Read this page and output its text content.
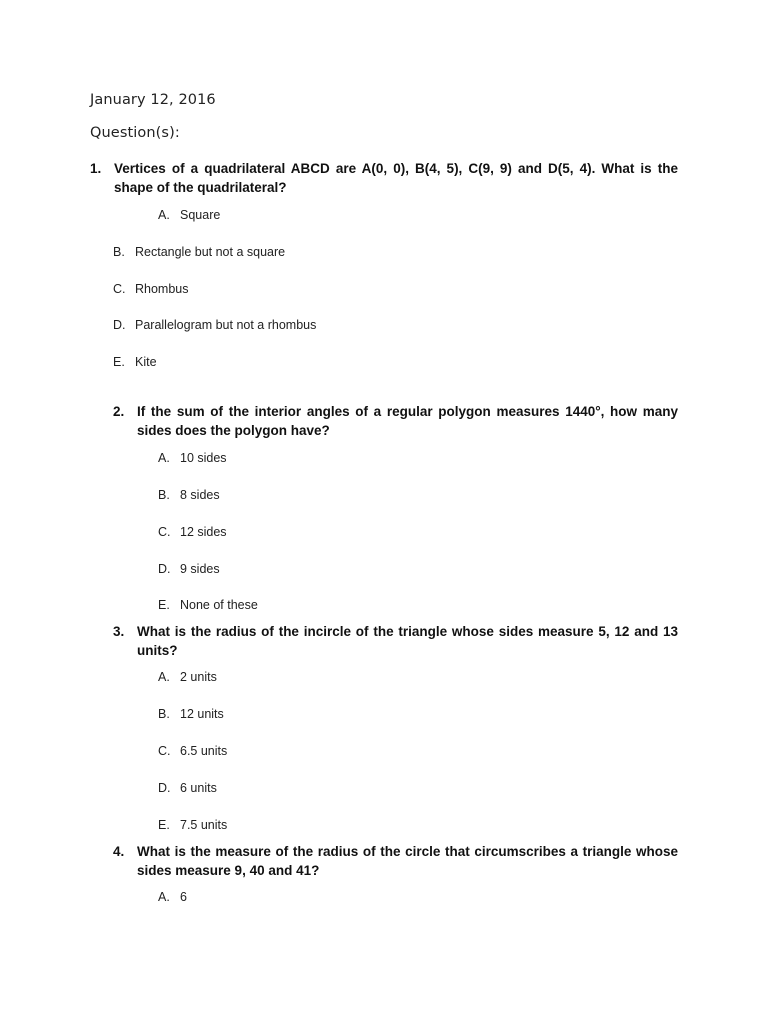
January 12, 2016
Question(s):
1. Vertices of a quadrilateral ABCD are A(0, 0), B(4, 5), C(9, 9) and D(5, 4). What is the shape of the quadrilateral?
A. Square
B. Rectangle but not a square
C. Rhombus
D. Parallelogram but not a rhombus
E. Kite
2. If the sum of the interior angles of a regular polygon measures 1440°, how many sides does the polygon have?
A. 10 sides
B. 8 sides
C. 12 sides
D. 9 sides
E. None of these
3. What is the radius of the incircle of the triangle whose sides measure 5, 12 and 13 units?
A. 2 units
B. 12 units
C. 6.5 units
D. 6 units
E. 7.5 units
4. What is the measure of the radius of the circle that circumscribes a triangle whose sides measure 9, 40 and 41?
A. 6
